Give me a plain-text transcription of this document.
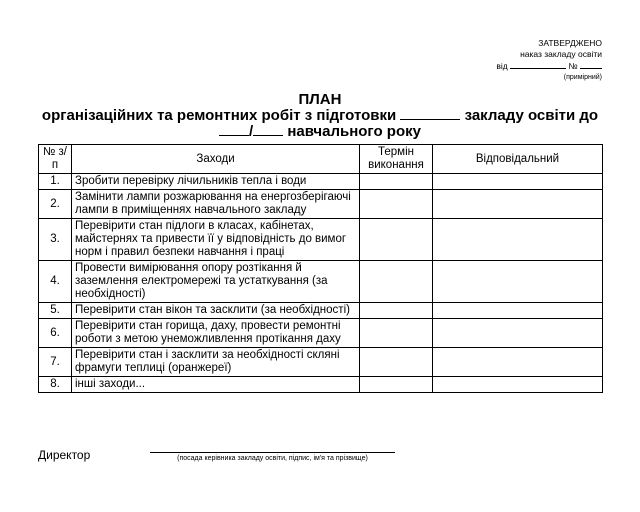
ЗАТВЕРДЖЕНО
наказ закладу освіти
від	№
(примірний)
ПЛАН
організаційних та ремонтних робіт з підготовки	закладу освіти до
/ навчального року
№ з/п	Заходи	Термін виконання	Відповідальний
1.	Зробити перевірку лічильників тепла і води		
2.	Замінити лампи розжарювання на енергозберігаючі лампи в приміщеннях навчального закладу		
3.	Перевірити стан підлоги в класах, кабінетах, майстернях та привести її у відповідність до вимог норм і правил безпеки навчання і праці		
4.	Провести вимірювання опору розтікання й заземлення електромережі та устаткування (за необхідності)		
5.	Перевірити стан вікон та засклити (за необхідності)		
6.	Перевірити стан горища, даху, провести ремонтні роботи з метою унеможливлення протікання даху		
7.	Перевірити стан і засклити за необхідності скляні фрамуги теплиці (оранжереї)		
8.	інші заходи...		
Директор	(посада керівника закладу освіти, підпис, ім'я та прізвище)
